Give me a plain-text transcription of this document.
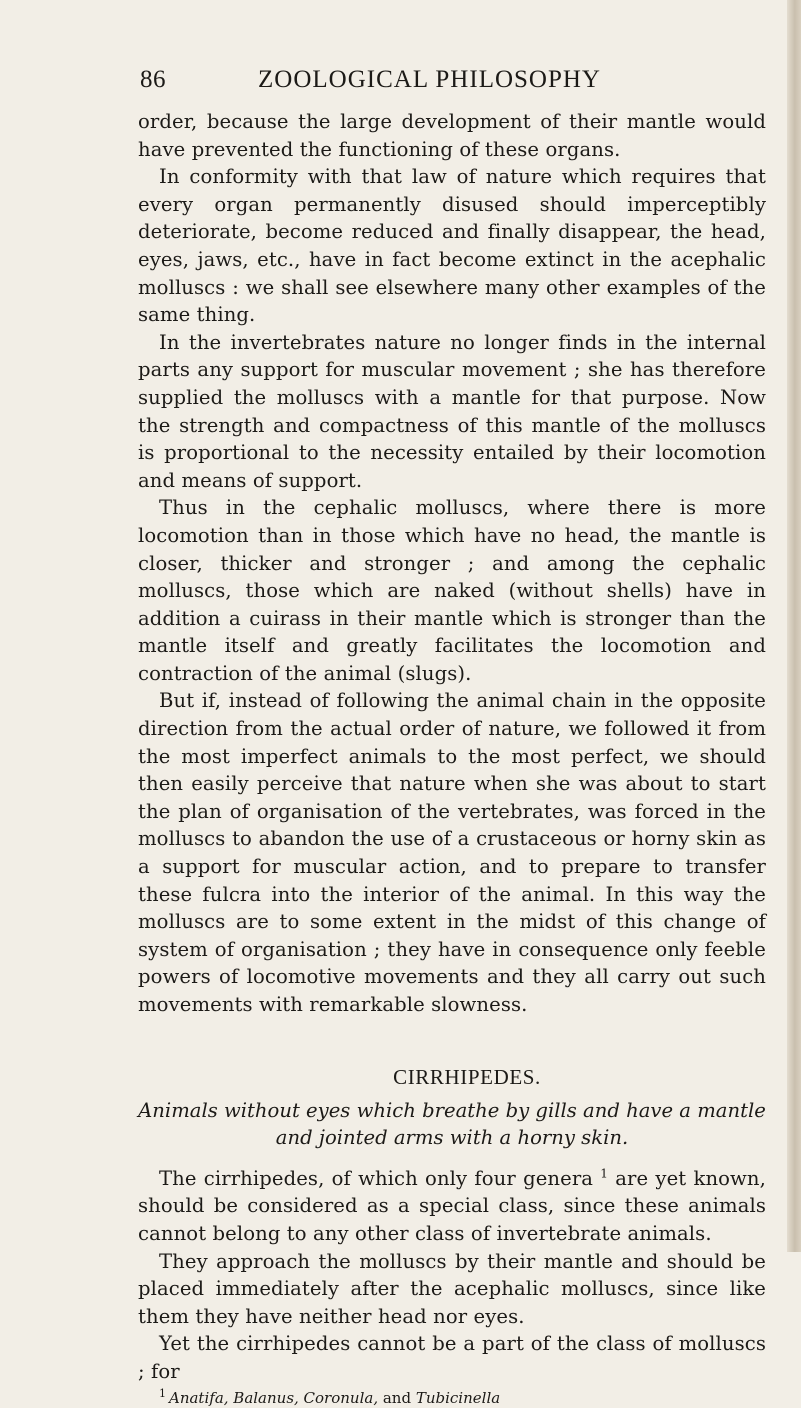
86	ZOOLOGICAL PHILOSOPHY

order, because the large development of their mantle would have prevented the functioning of these organs.

In conformity with that law of nature which requires that every organ permanently disused should imperceptibly deteriorate, become reduced and finally disappear, the head, eyes, jaws, etc., have in fact become extinct in the acephalic molluscs : we shall see elsewhere many other examples of the same thing.

In the invertebrates nature no longer finds in the internal parts any support for muscular movement ; she has therefore supplied the molluscs with a mantle for that purpose. Now the strength and compactness of this mantle of the molluscs is proportional to the necessity entailed by their locomotion and means of support.

Thus in the cephalic molluscs, where there is more locomotion than in those which have no head, the mantle is closer, thicker and stronger ; and among the cephalic molluscs, those which are naked (without shells) have in addition a cuirass in their mantle which is stronger than the mantle itself and greatly facilitates the locomotion and contraction of the animal (slugs).

But if, instead of following the animal chain in the opposite direction from the actual order of nature, we followed it from the most imperfect animals to the most perfect, we should then easily perceive that nature when she was about to start the plan of organisation of the vertebrates, was forced in the molluscs to abandon the use of a crustaceous or horny skin as a support for muscular action, and to prepare to transfer these fulcra into the interior of the animal. In this way the molluscs are to some extent in the midst of this change of system of organisation ; they have in consequence only feeble powers of locomotive movements and they all carry out such movements with remarkable slowness.

CIRRHIPEDES.
Animals without eyes which breathe by gills and have a mantle and jointed arms with a horny skin.

The cirrhipedes, of which only four genera $^1$ are yet known, should be considered as a special class, since these animals cannot belong to any other class of invertebrate animals.

They approach the molluscs by their mantle and should be placed immediately after the acephalic molluscs, since like them they have neither head nor eyes.

Yet the cirrhipedes cannot be a part of the class of molluscs ; for

$^1$ Anatifa, Balanus, Coronula, and Tubicinella
